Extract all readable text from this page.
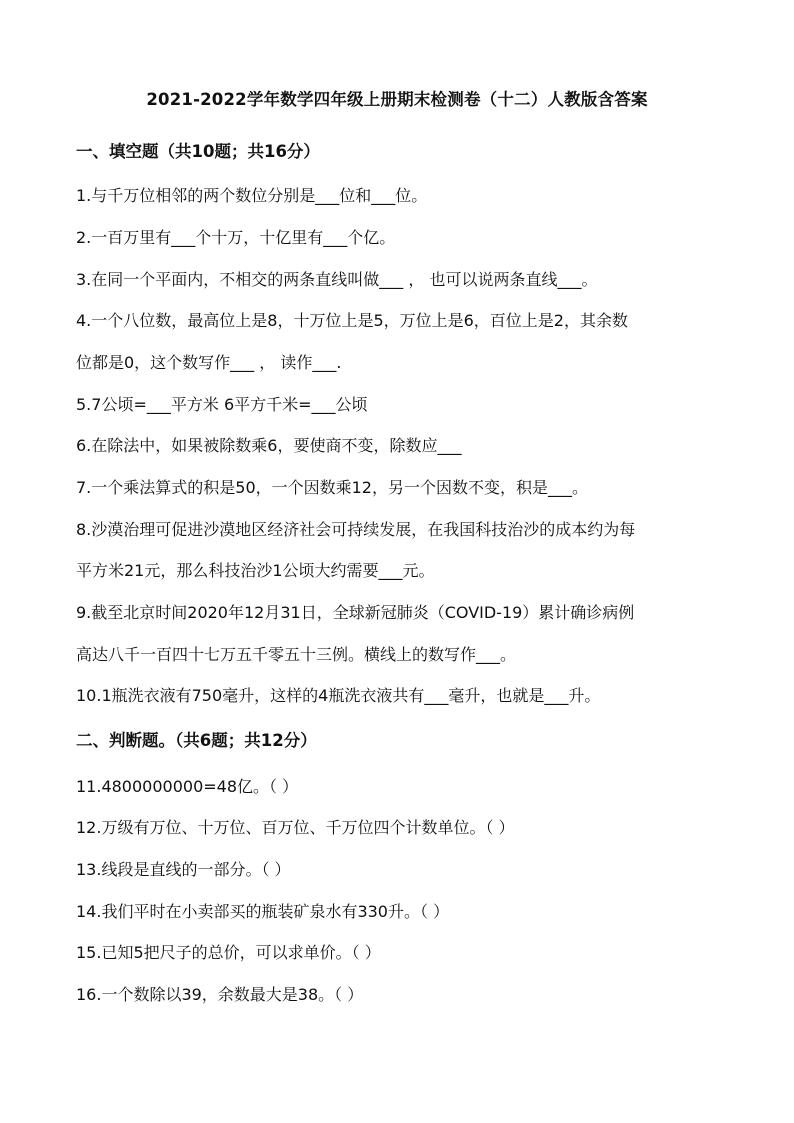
2021-2022学年数学四年级上册期末检测卷（十二）人教版含答案
一、填空题（共10题；共16分）
1.与千万位相邻的两个数位分别是___位和___位。
2.一百万里有___个十万，十亿里有___个亿。
3.在同一个平面内，不相交的两条直线叫做___ ， 也可以说两条直线___。
4.一个八位数，最高位上是8，十万位上是5，万位上是6，百位上是2，其余数
位都是0，这个数写作___ ， 读作___.
5.7公顷=___平方米 6平方千米=___公顷
6.在除法中，如果被除数乘6，要使商不变，除数应___
7.一个乘法算式的积是50，一个因数乘12，另一个因数不变，积是___。
8.沙漠治理可促进沙漠地区经济社会可持续发展，在我国科技治沙的成本约为每
平方米21元，那么科技治沙1公顷大约需要___元。
9.截至北京时间2020年12月31日，全球新冠肺炎（COVID-19）累计确诊病例
高达八千一百四十七万五千零五十三例。横线上的数写作___。
10.1瓶洗衣液有750毫升，这样的4瓶洗衣液共有___毫升，也就是___升。
二、判断题。（共6题；共12分）
11.4800000000=48亿。（ ）
12.万级有万位、十万位、百万位、千万位四个计数单位。（ ）
13.线段是直线的一部分。（ ）
14.我们平时在小卖部买的瓶装矿泉水有330升。（ ）
15.已知5把尺子的总价，可以求单价。（ ）
16.一个数除以39，余数最大是38。（ ）
